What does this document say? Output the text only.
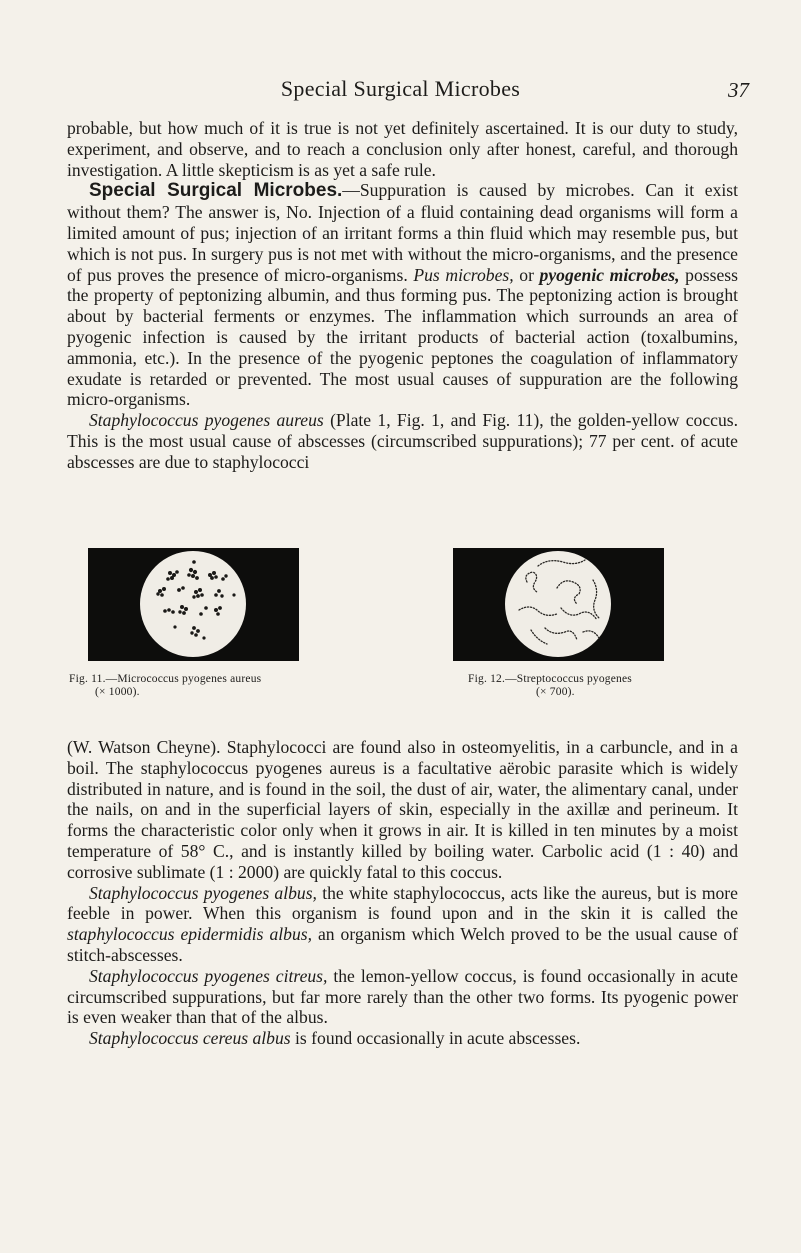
Special Surgical Microbes	37

probable, but how much of it is true is not yet definitely ascertained. It is our duty to study, experiment, and observe, and to reach a conclusion only after honest, careful, and thorough investigation. A little skepticism is as yet a safe rule.

Special Surgical Microbes.—Suppuration is caused by microbes. Can it exist without them? The answer is, No. Injection of a fluid containing dead organisms will form a limited amount of pus; injection of an irritant forms a thin fluid which may resemble pus, but which is not pus. In surgery pus is not met with without the micro-organisms, and the presence of pus proves the presence of micro-organisms. Pus microbes, or pyogenic microbes, possess the property of peptonizing albumin, and thus forming pus. The peptonizing action is brought about by bacterial ferments or enzymes. The inflammation which surrounds an area of pyogenic infection is caused by the irritant products of bacterial action (toxalbumins, ammonia, etc.). In the presence of the pyogenic peptones the coagulation of inflammatory exudate is retarded or prevented. The most usual causes of suppuration are the following micro-organisms.

Staphylococcus pyogenes aureus (Plate 1, Fig. 1, and Fig. 11), the golden-yellow coccus. This is the most usual cause of abscesses (circumscribed suppurations); 77 per cent. of acute abscesses are due to staphylococci

Fig. 11.—Micrococcus pyogenes aureus
(× 1000).
Fig. 12.—Streptococcus pyogenes
(× 700).

(W. Watson Cheyne). Staphylococci are found also in osteomyelitis, in a carbuncle, and in a boil. The staphylococcus pyogenes aureus is a facultative aërobic parasite which is widely distributed in nature, and is found in the soil, the dust of air, water, the alimentary canal, under the nails, on and in the superficial layers of skin, especially in the axillæ and perineum. It forms the characteristic color only when it grows in air. It is killed in ten minutes by a moist temperature of 58° C., and is instantly killed by boiling water. Carbolic acid (1 : 40) and corrosive sublimate (1 : 2000) are quickly fatal to this coccus.

Staphylococcus pyogenes albus, the white staphylococcus, acts like the aureus, but is more feeble in power. When this organism is found upon and in the skin it is called the staphylococcus epidermidis albus, an organism which Welch proved to be the usual cause of stitch-abscesses.

Staphylococcus pyogenes citreus, the lemon-yellow coccus, is found occasionally in acute circumscribed suppurations, but far more rarely than the other two forms. Its pyogenic power is even weaker than that of the albus.

Staphylococcus cereus albus is found occasionally in acute abscesses.
